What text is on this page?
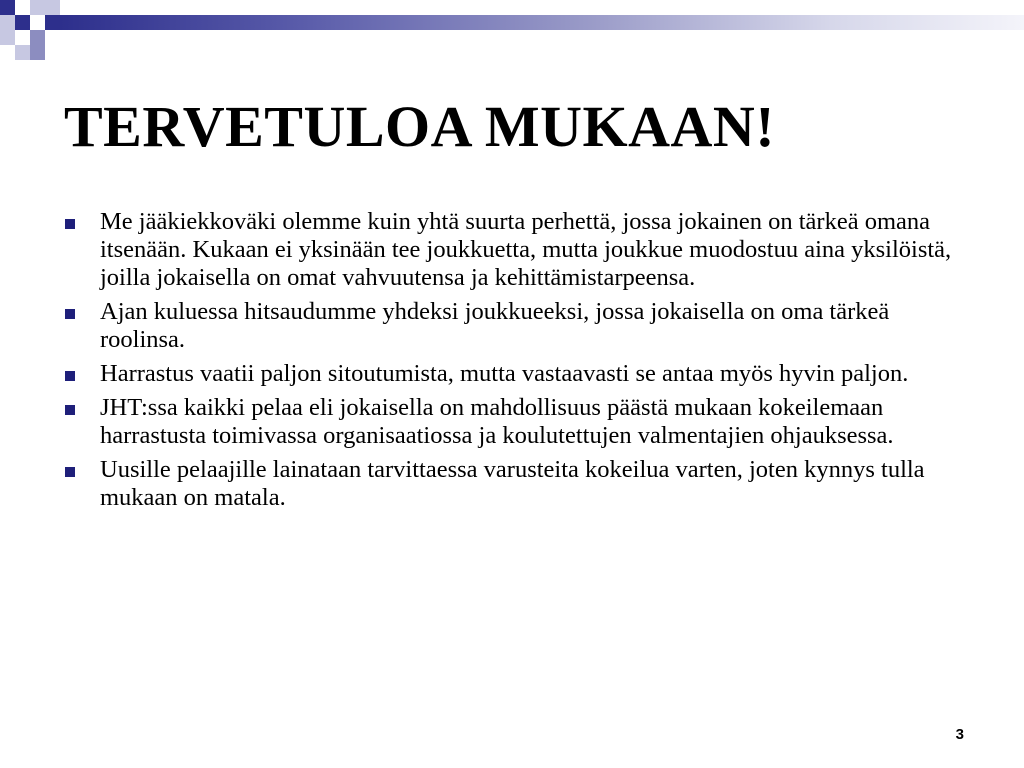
TERVETULOA MUKAAN!
Me jääkiekkoväki olemme kuin yhtä suurta perhettä, jossa jokainen on tärkeä omana itsenään. Kukaan ei yksinään tee joukkuetta, mutta joukkue muodostuu aina yksilöistä, joilla jokaisella on omat vahvuutensa ja kehittämistarpeensa.
Ajan kuluessa hitsaudumme yhdeksi joukkueeksi, jossa jokaisella on oma tärkeä roolinsa.
Harrastus vaatii paljon sitoutumista, mutta vastaavasti se antaa myös hyvin paljon.
JHT:ssa kaikki pelaa eli jokaisella on mahdollisuus päästä mukaan kokeilemaan harrastusta toimivassa organisaatiossa ja koulutettujen valmentajien ohjauksessa.
Uusille pelaajille lainataan tarvittaessa varusteita kokeilua varten, joten kynnys tulla mukaan on matala.
3
